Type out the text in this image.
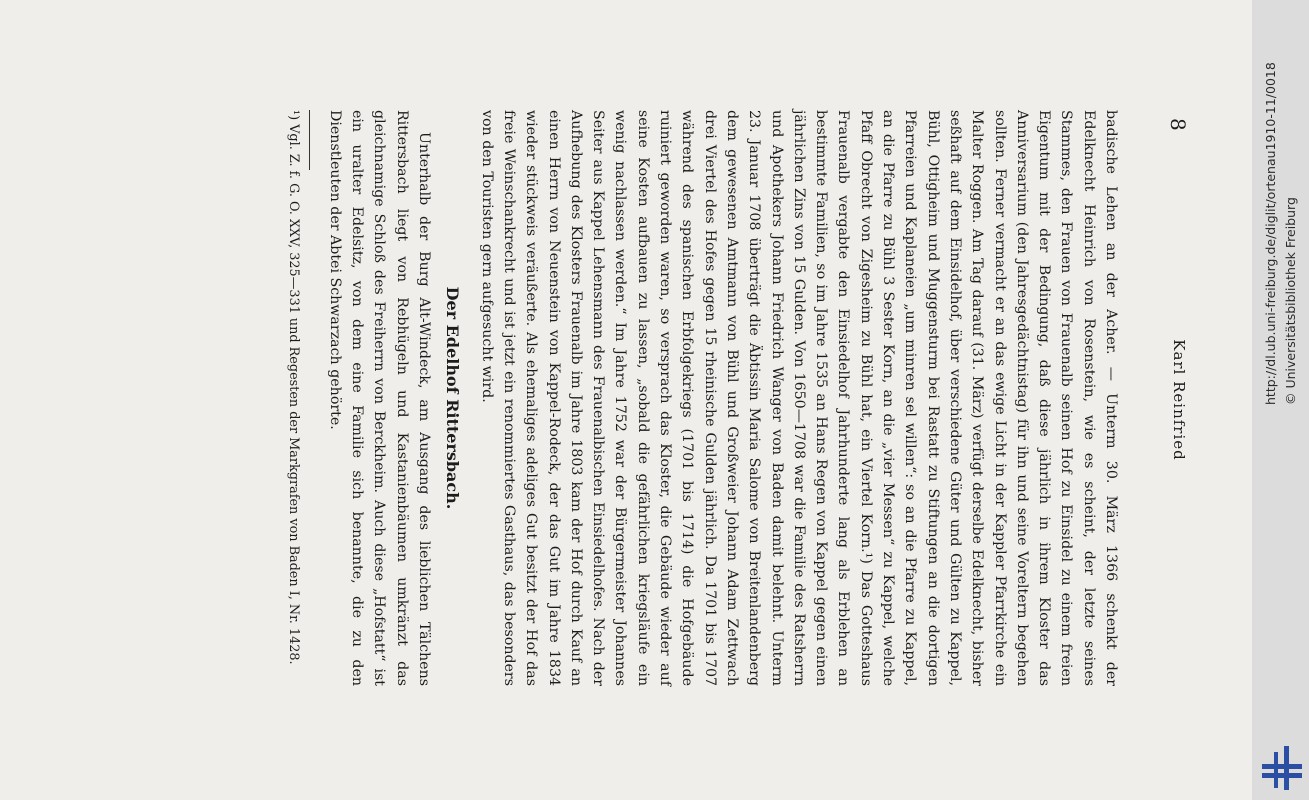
8
Karl Reinfried

badische Lehen an der Acher. — Unterm 30. März 1366 schenkt der Edelknecht Heinrich von Rosenstein, wie es scheint, der letzte seines Stammes, den Frauen von Frauenalb seinen Hof zu Einsidel zu einem freien Eigentum mit der Bedingung, daß diese jährlich in ihrem Kloster das Anniversarium (den Jahresgedächtnistag) für ihn und seine Voreltern begehen sollten. Ferner vermacht er an das ewige Licht in der Kappler Pfarrkirche ein Malter Roggen. Am Tag darauf (31. März) verfügt derselbe Edelknecht, bisher seßhaft auf dem Einsidelhof, über verschiedene Güter und Gülten zu Kappel, Bühl, Ottigheim und Muggensturm bei Rastatt zu Stiftungen an die dortigen Pfarreien und Kaplaneien „um minren sel willen“: so an die Pfarre zu Kappel, an die Pfarre zu Bühl 3 Sester Korn, an die „vier Messen“ zu Kappel, welche Pfaff Obrecht von Zigesheim zu Bühl hat, ein Viertel Korn.¹) Das Gotteshaus Frauenalb vergabte den Einsiedelhof Jahrhunderte lang als Erblehen an bestimmte Familien, so im Jahre 1535 an Hans Regen von Kappel gegen einen jährlichen Zins von 15 Gulden. Von 1650—1708 war die Familie des Ratsherrn und Apothekers Johann Friedrich Wanger von Baden damit belehnt. Unterm 23. Januar 1708 überträgt die Äbtissin Maria Salome von Breitenlandenberg dem gewesenen Amtmann von Bühl und Großweier Johann Adam Zettwach drei Viertel des Hofes gegen 15 rheinische Gulden jährlich. Da 1701 bis 1707 während des spanischen Erbfolgekriegs (1701 bis 1714) die Hofgebäude ruiniert geworden waren, so versprach das Kloster, die Gebäude wieder auf seine Kosten aufbauen zu lassen, „sobald die gefährlichen kriegsläufe ein wenig nachlassen werden.“ Im Jahre 1752 war der Bürgermeister Johannes Seiter aus Kappel Lehensmann des Frauenalbischen Einsiedelhofes. Nach der Aufhebung des Klosters Frauenalb im Jahre 1803 kam der Hof durch Kauf an einen Herrn von Neuenstein von Kappel-Rodeck, der das Gut im Jahre 1834 wieder stückweis veräußerte. Als ehemaliges adeliges Gut besitzt der Hof das freie Weinschankrecht und ist jetzt ein renommiertes Gasthaus, das besonders von den Touristen gern aufgesucht wird.

Der Edelhof Rittersbach.

Unterhalb der Burg Alt-Windeck, am Ausgang des lieblichen Tälchens Rittersbach liegt von Rebhügeln und Kastanienbäumen umkränzt das gleichnamige Schloß des Freiherrn von Berckheim. Auch diese „Hofstatt“ ist ein uralter Edelsitz, von dem eine Familie sich benannte, die zu den Dienstleuten der Abtei Schwarzach gehörte.

¹) Vgl. Z. f. G. O. XXV, 325—331 und Regesten der Markgrafen von Baden I, Nr. 1428.	http://dl.ub.uni-freiburg.de/diglit/ortenau1910-11/0018 © Universitätsbibliothek Freiburg
